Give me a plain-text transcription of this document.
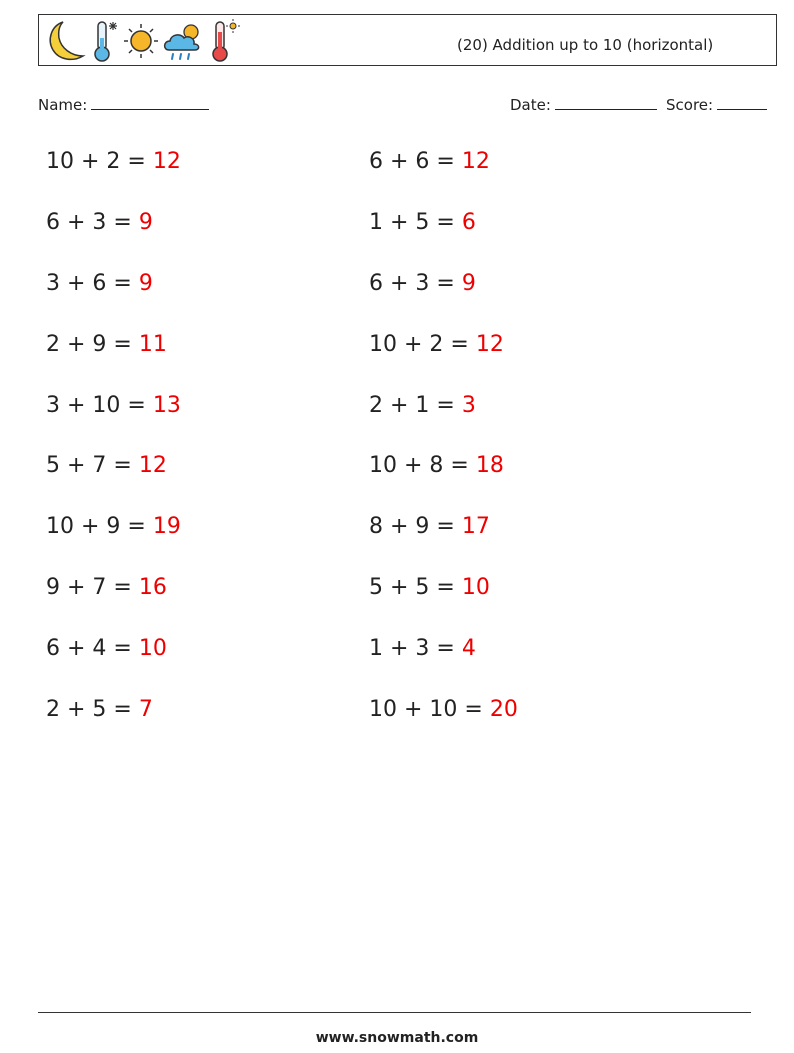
(20) Addition up to 10 (horizontal)
Name:	Date:	Score:
10 + 2 = 12
6 + 3 = 9
3 + 6 = 9
2 + 9 = 11
3 + 10 = 13
5 + 7 = 12
10 + 9 = 19
9 + 7 = 16
6 + 4 = 10
2 + 5 = 7
6 + 6 = 12
1 + 5 = 6
6 + 3 = 9
10 + 2 = 12
2 + 1 = 3
10 + 8 = 18
8 + 9 = 17
5 + 5 = 10
1 + 3 = 4
10 + 10 = 20
www.snowmath.com
